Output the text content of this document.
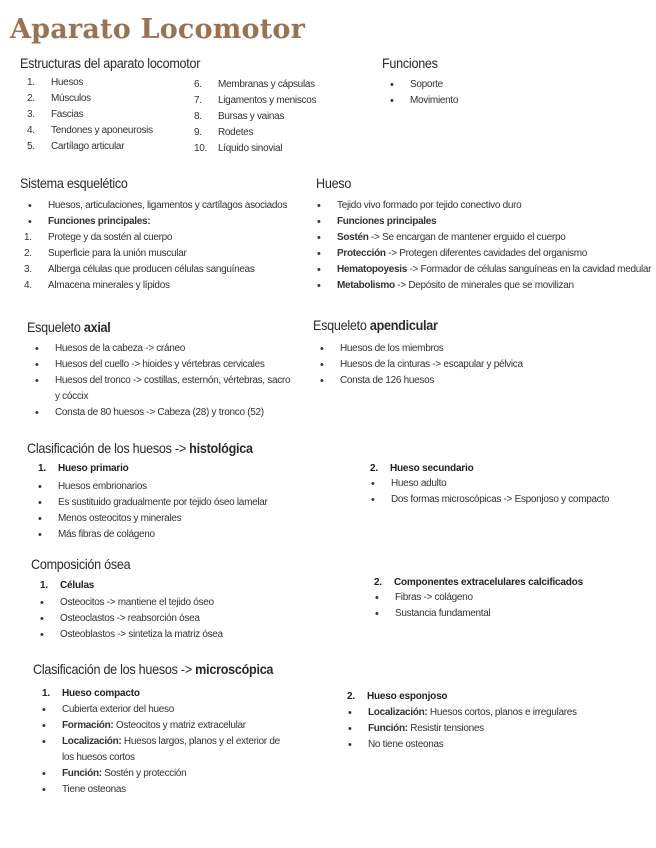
Aparato Locomotor
Estructuras del aparato locomotor
1. Huesos
2. Músculos
3. Fascias
4. Tendones y aponeurosis
5. Cartílago articular
6. Membranas y cápsulas
7. Ligamentos y meniscos
8. Bursas y vainas
9. Rodetes
10. Líquido sinovial
Funciones
• Soporte
• Movimiento
Sistema esquelético
• Huesos, articulaciones, ligamentos y cartílagos asociados
• Funciones principales:
1. Protege y da sostén al cuerpo
2. Superficie para la unión muscular
3. Alberga células que producen células sanguíneas
4. Almacena minerales y lípidos
Hueso
• Tejido vivo formado por tejido conectivo duro
• Funciones principales
• Sostén -> Se encargan de mantener erguido el cuerpo
• Protección -> Protegen diferentes cavidades del organismo
• Hematopoyesis -> Formador de células sanguíneas en la cavidad medular
• Metabolismo -> Depósito de minerales que se movilizan
Esqueleto axial
• Huesos de la cabeza -> cráneo
• Huesos del cuello -> hioides y vértebras cervicales
• Huesos del tronco -> costillas, esternón, vértebras, sacro y cóccix
• Consta de 80 huesos -> Cabeza (28) y tronco (52)
Esqueleto apendicular
• Huesos de los miembros
• Huesos de la cinturas -> escapular y pélvica
• Consta de 126 huesos
Clasificación de los huesos -> histológica
1. Hueso primario
• Huesos embrionarios
• Es sustituido gradualmente por tejido óseo lamelar
• Menos osteocitos y minerales
• Más fibras de colágeno
2. Hueso secundario
• Hueso adulto
• Dos formas microscópicas -> Esponjoso y compacto
Composición ósea
1. Células
• Osteocitos -> mantiene el tejido óseo
• Osteoclastos -> reabsorción ósea
• Osteoblastos -> sintetiza la matriz ósea
2. Componentes extracelulares calcificados
• Fibras -> colágeno
• Sustancia fundamental
Clasificación de los huesos -> microscópica
1. Hueso compacto
• Cubierta exterior del hueso
• Formación: Osteocitos y matriz extracelular
• Localización: Huesos largos, planos y el exterior de los huesos cortos
• Función: Sostén y protección
• Tiene osteonas
2. Hueso esponjoso
• Localización: Huesos cortos, planos e irregulares
• Función: Resistir tensiones
• No tiene osteonas
